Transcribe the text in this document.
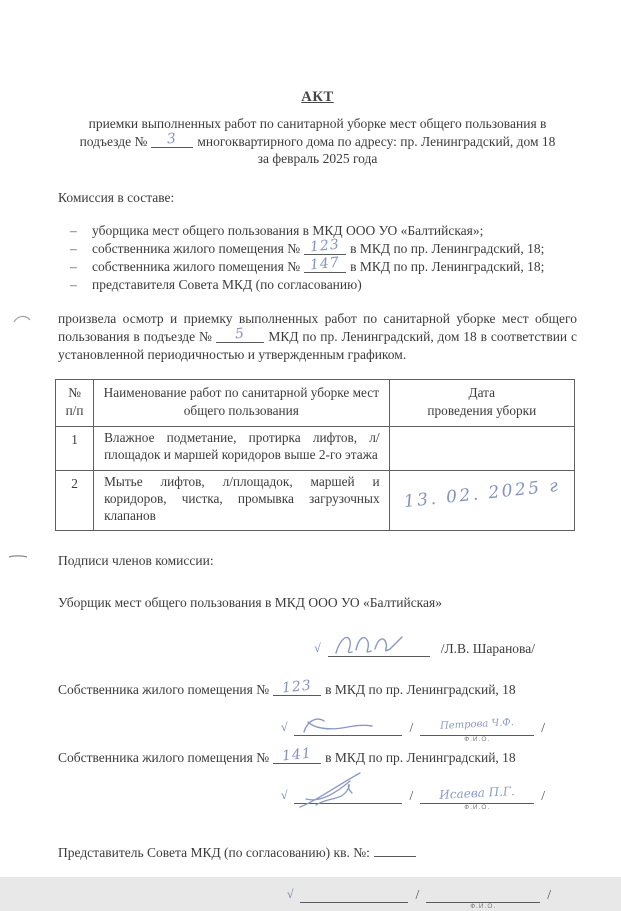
АКТ
приемки выполненных работ по санитарной уборке мест общего пользования в
подъезде № 3 многоквартирного дома по адресу: пр. Ленинградский, дом 18
за февраль 2025 года
Комиссия в составе:
– уборщика мест общего пользования в МКД ООО УО «Балтийская»;
– собственника жилого помещения № 123 в МКД по пр. Ленинградский, 18;
– собственника жилого помещения № 147 в МКД по пр. Ленинградский, 18;
– представителя Совета МКД (по согласованию)
произвела осмотр и приемку выполненных работ по санитарной уборке мест общего пользования в подъезде № 5 МКД по пр. Ленинградский, дом 18 в соответствии с установленной периодичностью и утвержденным графиком.
№ п/п	Наименование работ по санитарной уборке мест общего пользования	Дата
проведения уборки

1	Влажное подметание, протирка лифтов, л/площадок и маршей коридоров выше 2-го этажа	
2	Мытье лифтов, л/площадок, маршей и коридоров, чистка, промывка загрузочных клапанов	13. 02. 2025 г
Подписи членов комиссии:
Уборщик мест общего пользования в МКД ООО УО «Балтийская»
√	/Л.В. Шаранова/
Собственника жилого помещения № 123 в МКД по пр. Ленинградский, 18
√	/	Петрова Ч.Ф.
Ф.И.О.
/
Собственника жилого помещения № 141 в МКД по пр. Ленинградский, 18
√	/	Исаева П.Г.
Ф.И.О.
/
Представитель Совета МКД (по согласованию) кв. №:
√	/
Ф.И.О.
/
